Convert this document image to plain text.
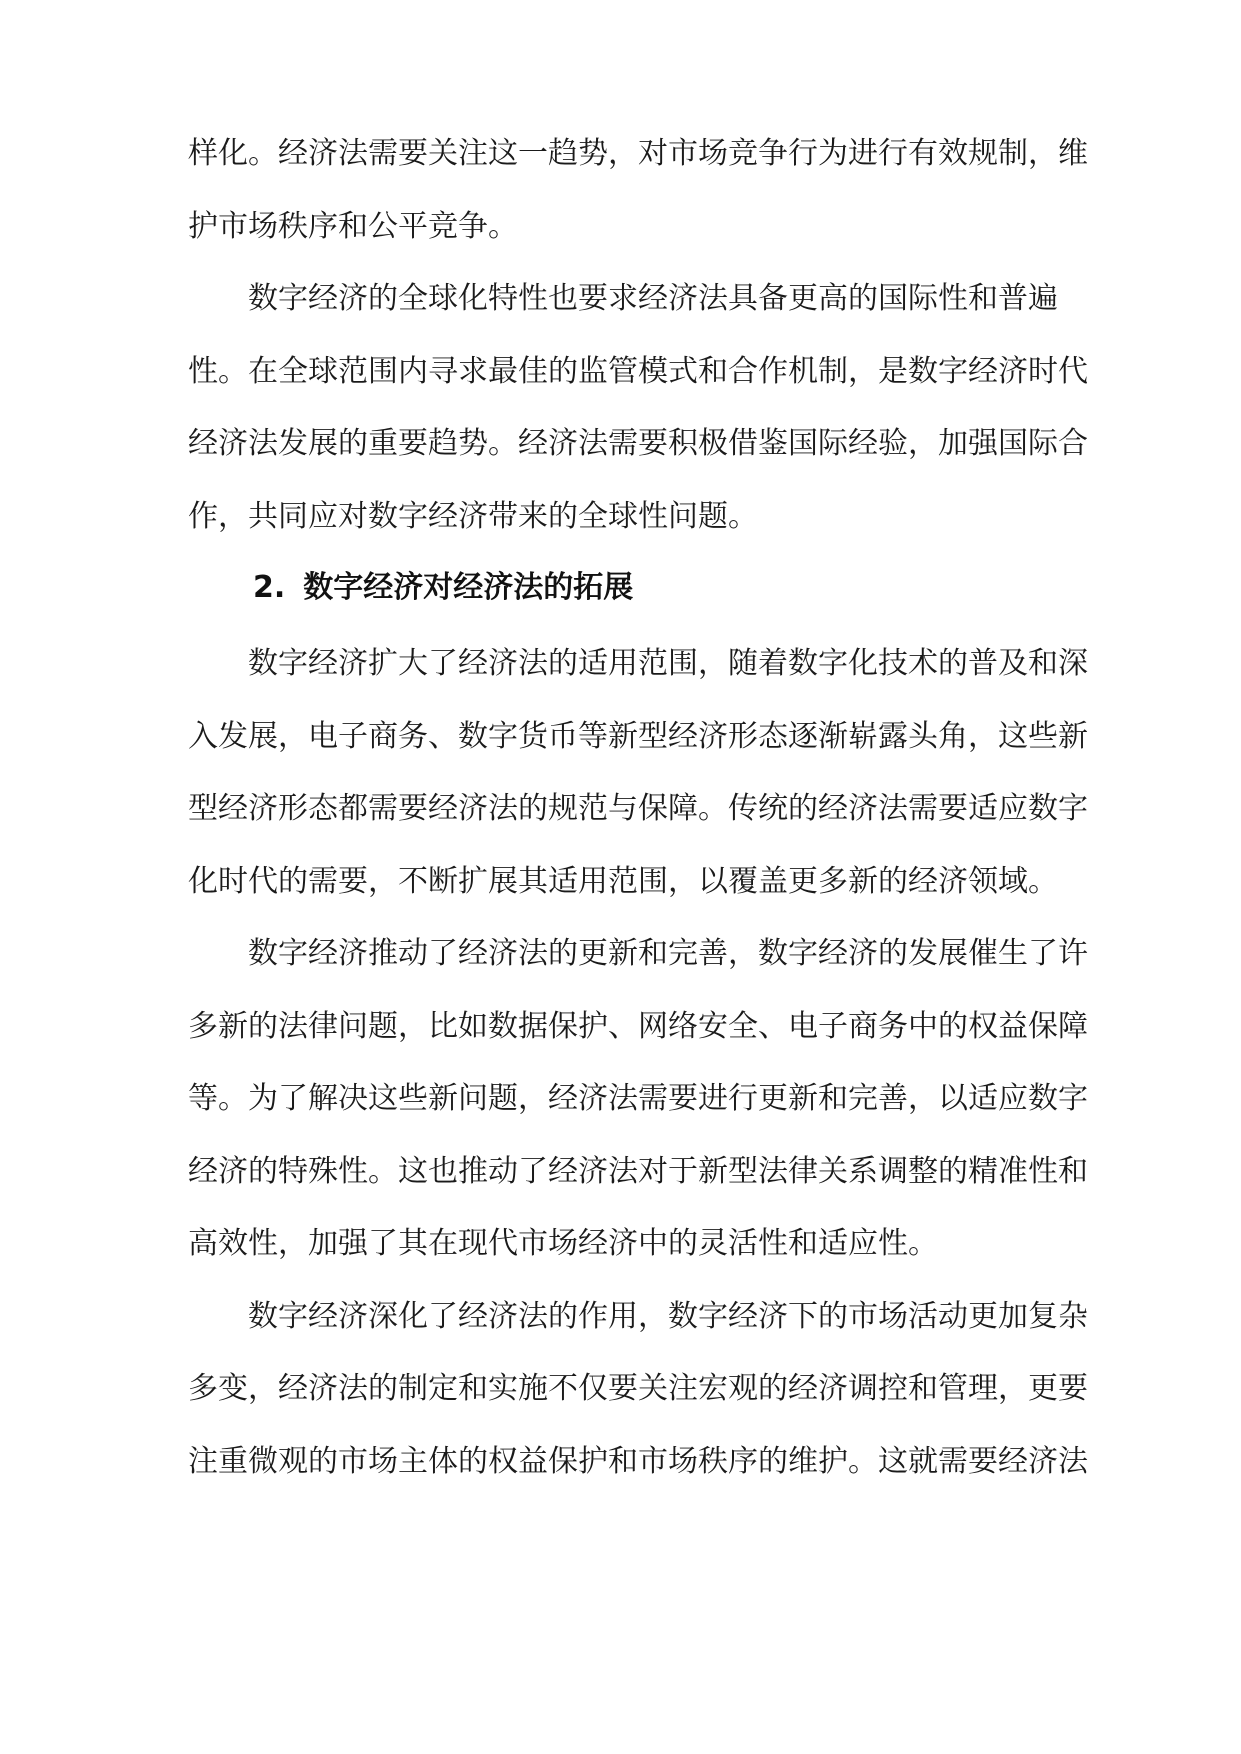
样化。经济法需要关注这一趋势，对市场竞争行为进行有效规制，维
护市场秩序和公平竞争。
数字经济的全球化特性也要求经济法具备更高的国际性和普遍
性。在全球范围内寻求最佳的监管模式和合作机制，是数字经济时代
经济法发展的重要趋势。经济法需要积极借鉴国际经验，加强国际合
作，共同应对数字经济带来的全球性问题。
2. 数字经济对经济法的拓展
数字经济扩大了经济法的适用范围，随着数字化技术的普及和深
入发展，电子商务、数字货币等新型经济形态逐渐崭露头角，这些新
型经济形态都需要经济法的规范与保障。传统的经济法需要适应数字
化时代的需要，不断扩展其适用范围，以覆盖更多新的经济领域。
数字经济推动了经济法的更新和完善，数字经济的发展催生了许
多新的法律问题，比如数据保护、网络安全、电子商务中的权益保障
等。为了解决这些新问题，经济法需要进行更新和完善，以适应数字
经济的特殊性。这也推动了经济法对于新型法律关系调整的精准性和
高效性，加强了其在现代市场经济中的灵活性和适应性。
数字经济深化了经济法的作用，数字经济下的市场活动更加复杂
多变，经济法的制定和实施不仅要关注宏观的经济调控和管理，更要
注重微观的市场主体的权益保护和市场秩序的维护。这就需要经济法
